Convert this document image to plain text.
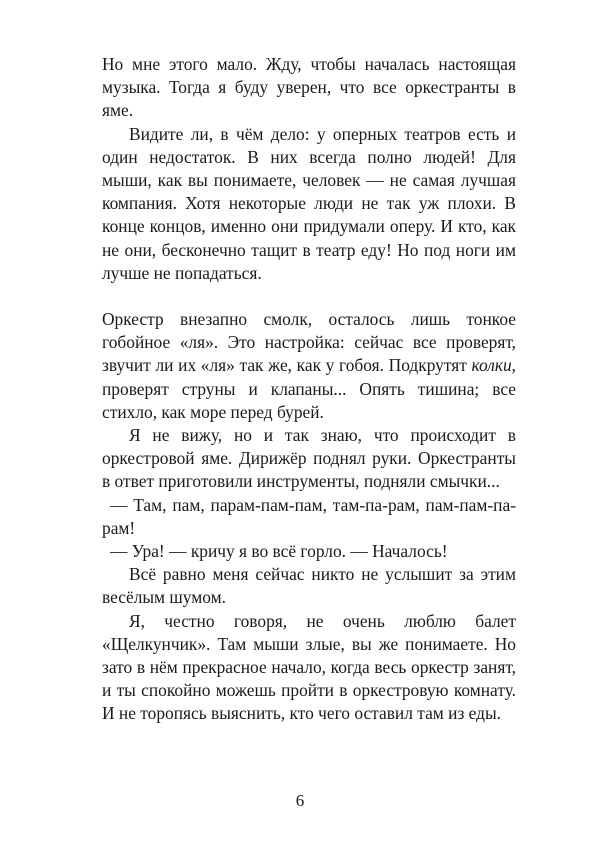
Но мне этого мало. Жду, чтобы началась настоящая музыка. Тогда я буду уверен, что все оркестранты в яме.

Видите ли, в чём дело: у оперных театров есть и один недостаток. В них всегда полно людей! Для мыши, как вы понимаете, человек — не самая лучшая компания. Хотя некоторые люди не так уж плохи. В конце концов, именно они придумали оперу. И кто, как не они, бесконечно тащит в театр еду! Но под ноги им лучше не попадаться.

Оркестр внезапно смолк, осталось лишь тонкое гобойное «ля». Это настройка: сейчас все проверят, звучит ли их «ля» так же, как у гобоя. Подкрутят колки, проверят струны и клапаны... Опять тишина; все стихло, как море перед бурей.

Я не вижу, но и так знаю, что происходит в оркестровой яме. Дирижёр поднял руки. Оркестранты в ответ приготовили инструменты, подняли смычки...

— Там, пам, парам-пам-пам, там-па-рам, пам-пам-па-рам!

— Ура! — кричу я во всё горло. — Началось!

Всё равно меня сейчас никто не услышит за этим весёлым шумом.

Я, честно говоря, не очень люблю балет «Щелкунчик». Там мыши злые, вы же понимаете. Но зато в нём прекрасное начало, когда весь оркестр занят, и ты спокойно можешь пройти в оркестровую комнату. И не торопясь выяснить, кто чего оставил там из еды.

6
